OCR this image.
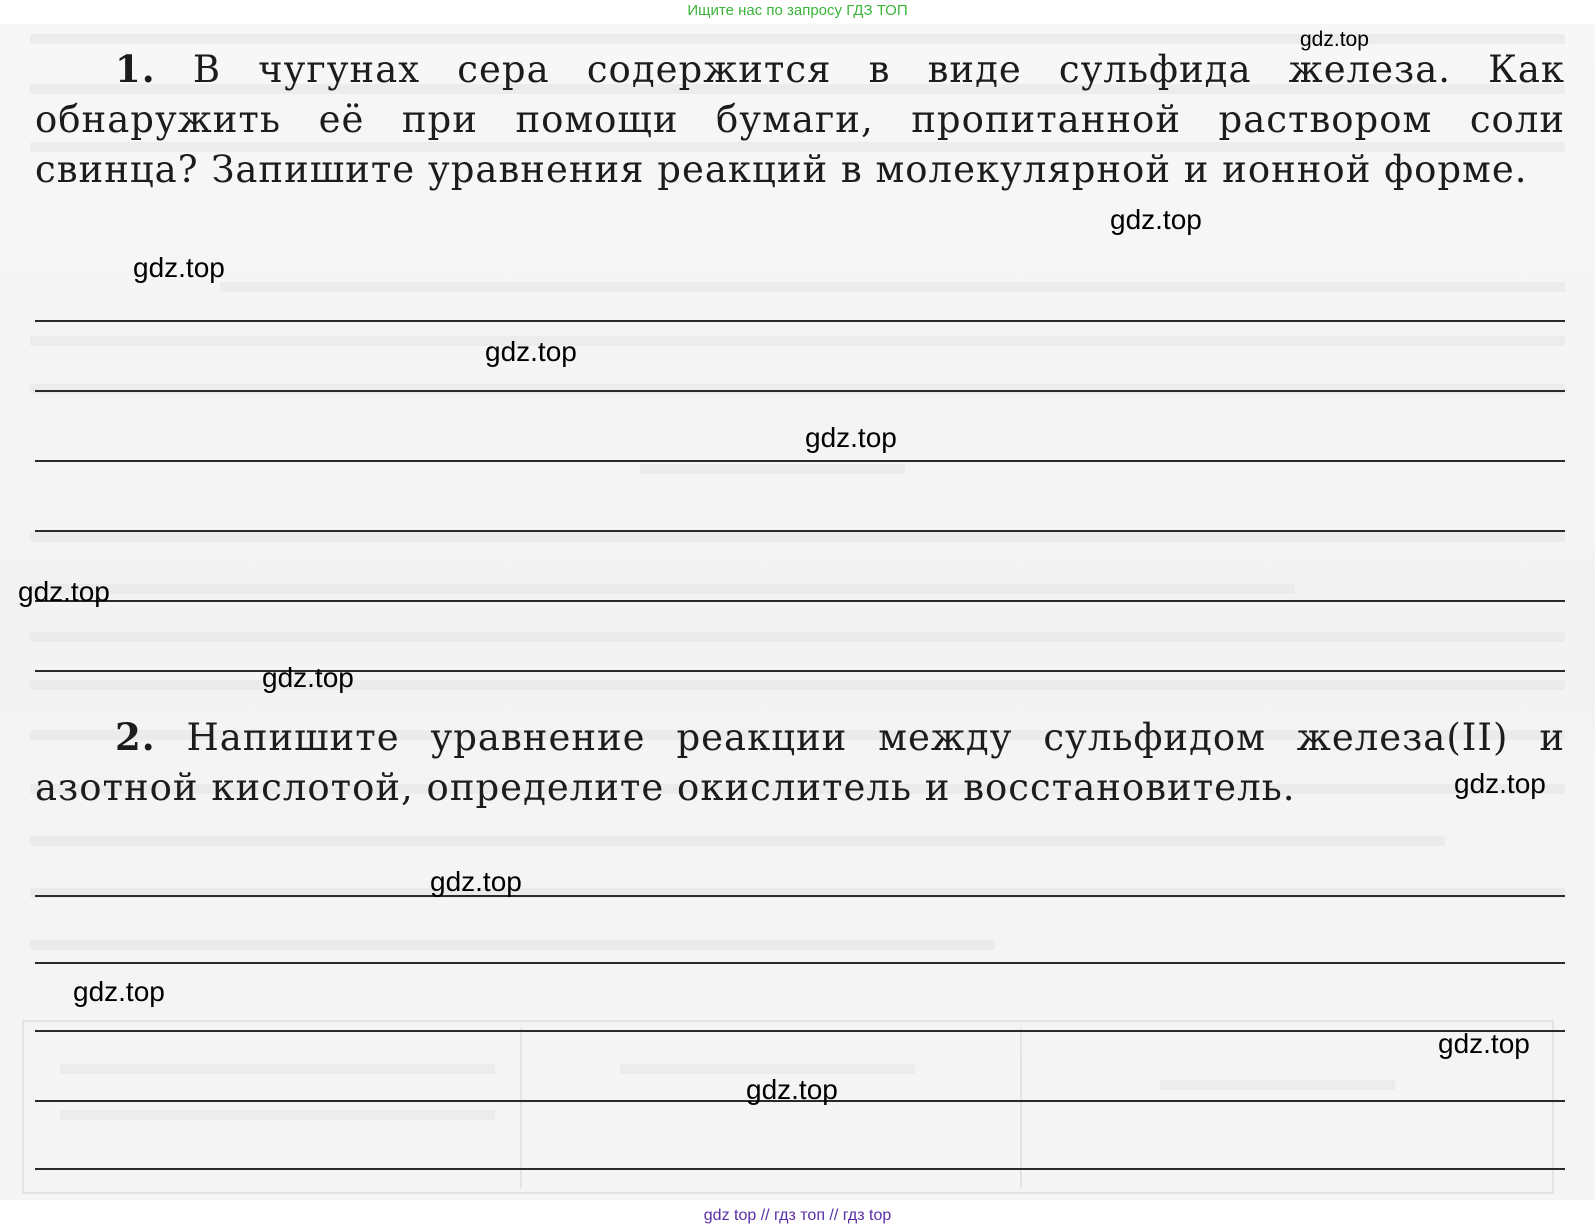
Ищите нас по запросу ГДЗ ТОП

1. В чугунах сера содержится в виде сульфида железа. Как обнаружить её при помощи бумаги, пропитанной раствором соли свинца? Запишите уравнения реакций в молекулярной и ионной форме.

2. Напишите уравнение реакции между сульфидом железа(II) и азотной кислотой, определите окислитель и восстановитель.

gdz.top
gdz.top
gdz.top
gdz.top
gdz.top
gdz.top
gdz.top
gdz.top
gdz.top
gdz.top
gdz.top
gdz.top
gdz top // гдз топ // гдз top
